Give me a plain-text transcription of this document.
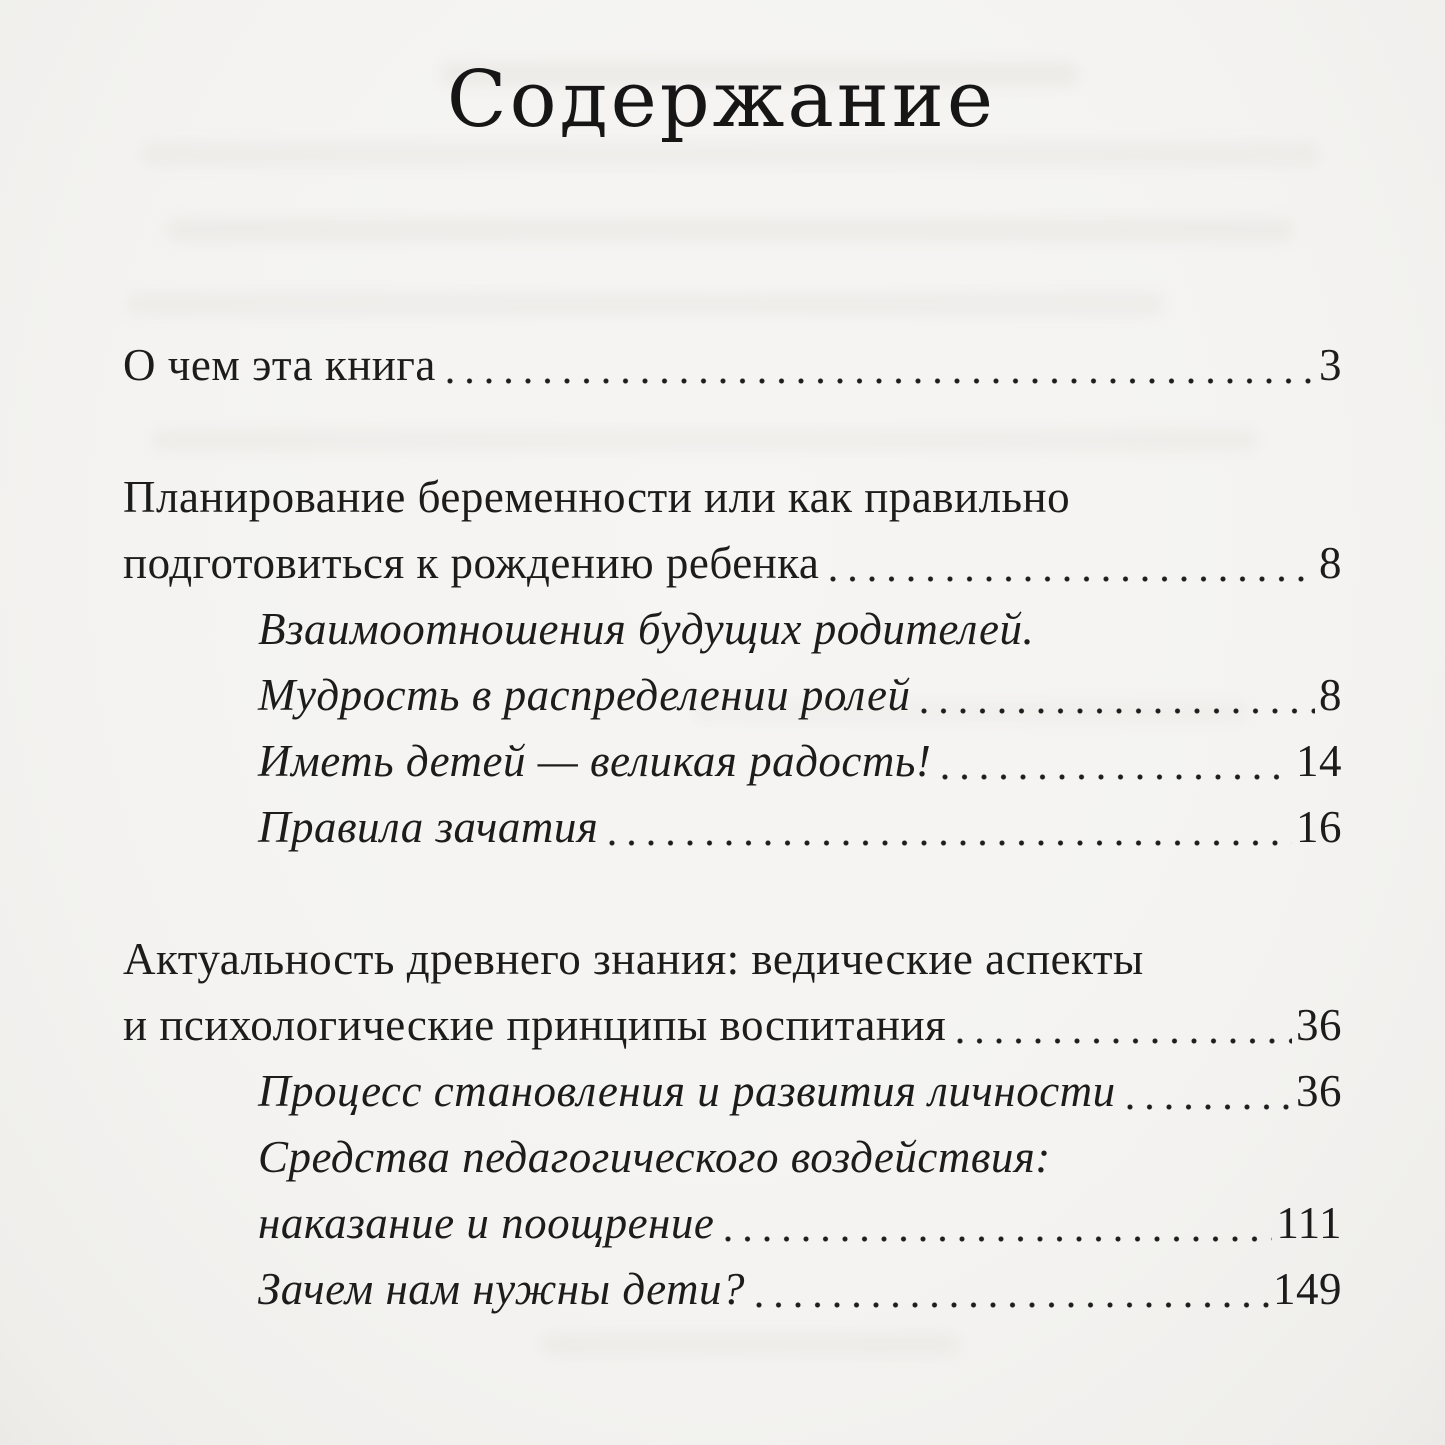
Содержание
О чем эта книга	3
Планирование беременности или как правильно
подготовиться к рождению ребенка	8
Взаимоотношения будущих родителей.
Мудрость в распределении ролей	8
Иметь детей — великая радость!	14
Правила зачатия	16
Актуальность древнего знания: ведические аспекты
и психологические принципы воспитания	36
Процесс становления и развития личности	36
Средства педагогического воздействия:
наказание и поощрение	111
Зачем нам нужны дети?	149
